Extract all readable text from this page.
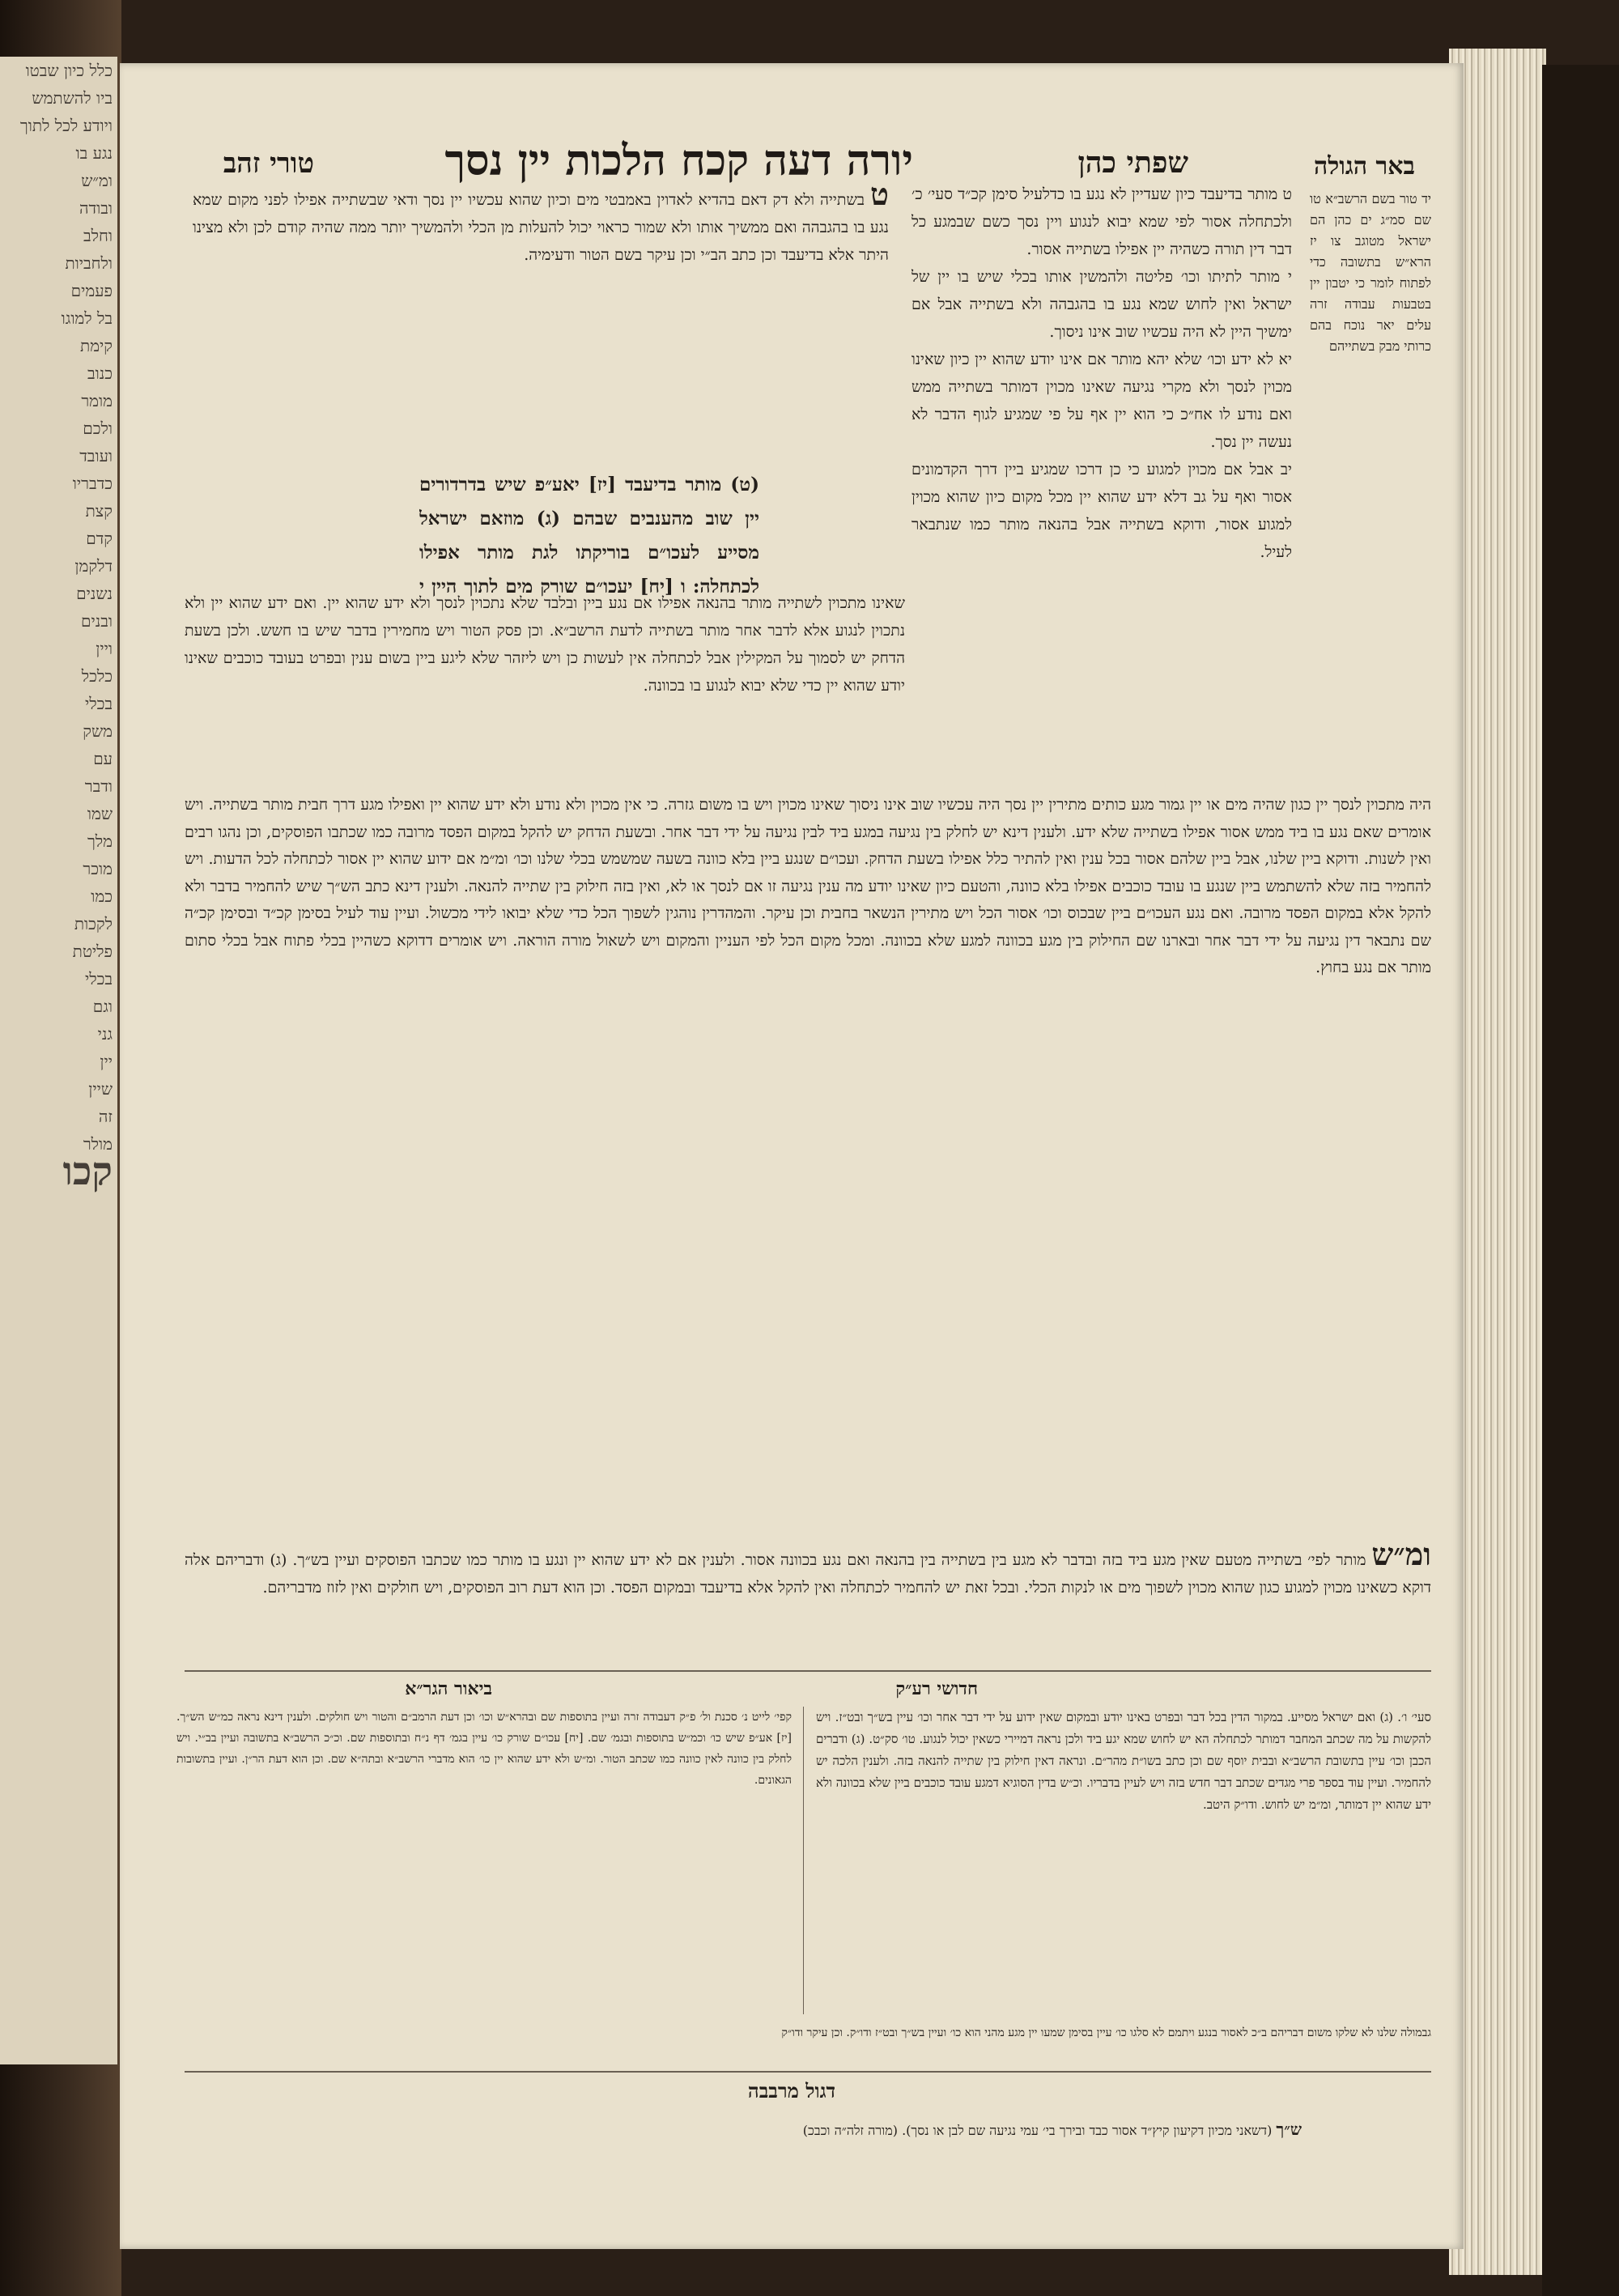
כלל כיון שבטו
ביו להשתמש
ויודע לכל לתוך
נגע בו
ומ״ש
ובודה
וחלב
ולחביות
פעמים
בל למוגו
קימת
כנוב
מומר
ולכם
ועובד
כדבריו
קצת
קדם
דלקמן
נשנים
ובנים
ויין
כלכל
בכלי
משק
עם
ודבר
שמו
מלך
מוכר
כמו
לקכות
פליטת
בכלי
וגם
גני
יין
שיין
זה
מולר
קכו
באר הגולה
שפתי כהן
יורה דעה קכח הלכות יין נסך
טורי זהב

יד טור בשם הרשב״א טו שם סמ״ג ים כהן הם ישראל מטוגב צו יז הרא״ש בתשובה כדי לפתוח לומר כי יטבון יין בטבעות עבודה זרה עלים יאר נוכח בהם כרותי מבק בשתייהם

ט מותר בדיעבד כיון שעדיין לא נגע בו כדלעיל סימן קכ״ד סעי׳ כ׳ ולכתחלה אסור לפי שמא יבוא לנגוע ויין נסך כשם שבמגע כל דבר דין תורה כשהיה יין אפילו בשתייה אסור.

י מותר לתיתו וכו׳ פליטה ולהמשין אותו בכלי שיש בו יין של ישראל ואין לחוש שמא נגע בו בהגבהה ולא בשתייה אבל אם ימשיך היין לא היה עכשיו שוב אינו ניסוך.

יא לא ידע וכו׳ שלא יהא מותר אם אינו יודע שהוא יין כיון שאינו מכוין לנסך ולא מקרי נגיעה שאינו מכוין דמותר בשתייה ממש ואם נודע לו אח״כ כי הוא יין אף על פי שמגיע לגוף הדבר לא נעשה יין נסך.

יב אבל אם מכוין למגוע כי כן דרכו שמגיע ביין דרך הקדמונים אסור ואף על גב דלא ידע שהוא יין מכל מקום כיון שהוא מכוין למגוע אסור, ודוקא בשתייה אבל בהנאה מותר כמו שנתבאר לעיל.

ט בשתייה ולא דק דאם בהדיא לאדוין באמבטי מים וכיון שהוא עכשיו יין נסך ודאי שבשתייה אפילו לפני מקום שמא נגע בו בהגבהה ואם ממשיך אותו ולא שמור כראוי יכול להעלות מן הכלי ולהמשיך יותר ממה שהיה קודם לכן ולא מצינו היתר אלא בדיעבד וכן כתב הב״י וכן עיקר בשם הטור ודעימיה.

(ט) מותר בדיעבד [יז] יאע״פ שיש בדרדורים יין שוב מהענבים שבהם (ג) מוזאם ישראל מסייע לעכו״ם בוריקתו לגת מותר אפילו לכתחלה: ו [יח] יעכו״ם שורק מים לתוך היין י

שאינו מתכוין לשתייה מותר בהנאה אפילו אם נגע ביין ובלבד שלא נתכוין לנסך ולא ידע שהוא יין. ואם ידע שהוא יין ולא נתכוין לנגוע אלא לדבר אחר מותר בשתייה לדעת הרשב״א. וכן פסק הטור ויש מחמירין בדבר שיש בו חשש. ולכן בשעת הדחק יש לסמוך על המקילין אבל לכתחלה אין לעשות כן ויש ליזהר שלא ליגע ביין בשום ענין ובפרט בעובד כוכבים שאינו יודע שהוא יין כדי שלא יבוא לנגוע בו בכוונה.

היה מתכוין לנסך יין כגון שהיה מים או יין גמור מגע כותים מתירין יין נסך היה עכשיו שוב אינו ניסוך שאינו מכוין ויש בו משום גזרה. כי אין מכוין ולא נודע ולא ידע שהוא יין ואפילו מגע דרך חבית מותר בשתייה. ויש אומרים שאם נגע בו ביד ממש אסור אפילו בשתייה שלא ידע. ולענין דינא יש לחלק בין נגיעה במגע ביד לבין נגיעה על ידי דבר אחר. ובשעת הדחק יש להקל במקום הפסד מרובה כמו שכתבו הפוסקים, וכן נהגו רבים ואין לשנות. ודוקא ביין שלנו, אבל ביין שלהם אסור בכל ענין ואין להתיר כלל אפילו בשעת הדחק. ועכו״ם שנגע ביין בלא כוונה בשעה שמשמש בכלי שלנו וכו׳ ומ״מ אם ידוע שהוא יין אסור לכתחלה לכל הדעות. ויש להחמיר בזה שלא להשתמש ביין שנגע בו עובד כוכבים אפילו בלא כוונה, והטעם כיון שאינו יודע מה ענין נגיעה זו אם לנסך או לא, ואין בזה חילוק בין שתייה להנאה. ולענין דינא כתב הש״ך שיש להחמיר בדבר ולא להקל אלא במקום הפסד מרובה. ואם נגע העכו״ם ביין שבכוס וכו׳ אסור הכל ויש מתירין הנשאר בחבית וכן עיקר. והמהדרין נוהגין לשפוך הכל כדי שלא יבואו לידי מכשול. ועיין עוד לעיל בסימן קכ״ד ובסימן קכ״ה שם נתבאר דין נגיעה על ידי דבר אחר ובארנו שם החילוק בין מגע בכוונה למגע שלא בכוונה. ומכל מקום הכל לפי העניין והמקום ויש לשאול מורה הוראה. ויש אומרים דדוקא כשהיין בכלי פתוח אבל בכלי סתום מותר אם נגע בחוץ.

ומ״ש מותר לפי׳ בשתייה מטעם שאין מגע ביד בזה ובדבר לא מגע בין בשתייה בין בהנאה ואם נגע בכוונה אסור. ולענין אם לא ידע שהוא יין ונגע בו מותר כמו שכתבו הפוסקים ועיין בש״ך. (ג) ודבריהם אלה דוקא כשאינו מכוין למגוע כגון שהוא מכוין לשפוך מים או לנקות הכלי. ובכל זאת יש להחמיר לכתחלה ואין להקל אלא בדיעבד ובמקום הפסד. וכן הוא דעת רוב הפוסקים, ויש חולקים ואין לזוז מדבריהם.

חדושי רע״ק
ביאור הגר״א

סעי׳ ו׳. (ג) ואם ישראל מסייע. במקור הדין בכל דבר ובפרט באינו יודע ובמקום שאין ידוע על ידי דבר אחר וכו׳ עיין בש״ך ובט״ז. ויש להקשות על מה שכתב המחבר דמותר לכתחלה הא יש לחוש שמא יגע ביד ולכן נראה דמיירי כשאין יכול לנגוע. טו׳ סק״ט. (ג) ודברים הכבן וכו׳ עיין בתשובת הרשב״א ובבית יוסף שם וכן כתב בשו״ת מהר״ם. ונראה דאין חילוק בין שתייה להנאה בזה. ולענין הלכה יש להחמיר. ועיין עוד בספר פרי מגדים שכתב דבר חדש בזה ויש לעיין בדבריו. וכ״ש בדין הסוגיא דמגע עובד כוכבים ביין שלא בכוונה ולא ידע שהוא יין דמותר, ומ״מ יש לחוש. ודו״ק היטב.

קפי׳ לייט נ׳ סכנת ול׳ פ״ק דעבודה זרה ועיין בתוספות שם ובהרא״ש וכו׳ וכן דעת הרמב״ם והטור ויש חולקים. ולענין דינא נראה כמ״ש הש״ך. [יז] אע״פ שיש כו׳ וכמ״ש בתוספות ובגמ׳ שם. [יח] עכו״ם שורק כו׳ עיין בגמ׳ דף נ״ח ובתוספות שם. וכ״כ הרשב״א בתשובה ועיין בב״י. ויש לחלק בין כוונה לאין כוונה כמו שכתב הטור. ומ״ש ולא ידע שהוא יין כו׳ הוא מדברי הרשב״א ובתה״א שם. וכן הוא דעת הר״ן. ועיין בתשובות הגאונים.

גבמולה שלנו לא שלקו משום דבריהם ב״כ לאסור בנגע ויתמם לא סלגו כו׳ עיין בסימן שמעו יין מגע מהני הוא כו׳ ועיין בש״ך ובט״ז ודו״ק. וכן עיקר ודו״ק

דגול מרבבה
ש״ך (דשאני מכיון דקיעון קיץ״ד אסור כבד ובירך בי׳ עמי נגיעה שם לבן או נסך). (מורה זלה״ה וכבכ)
